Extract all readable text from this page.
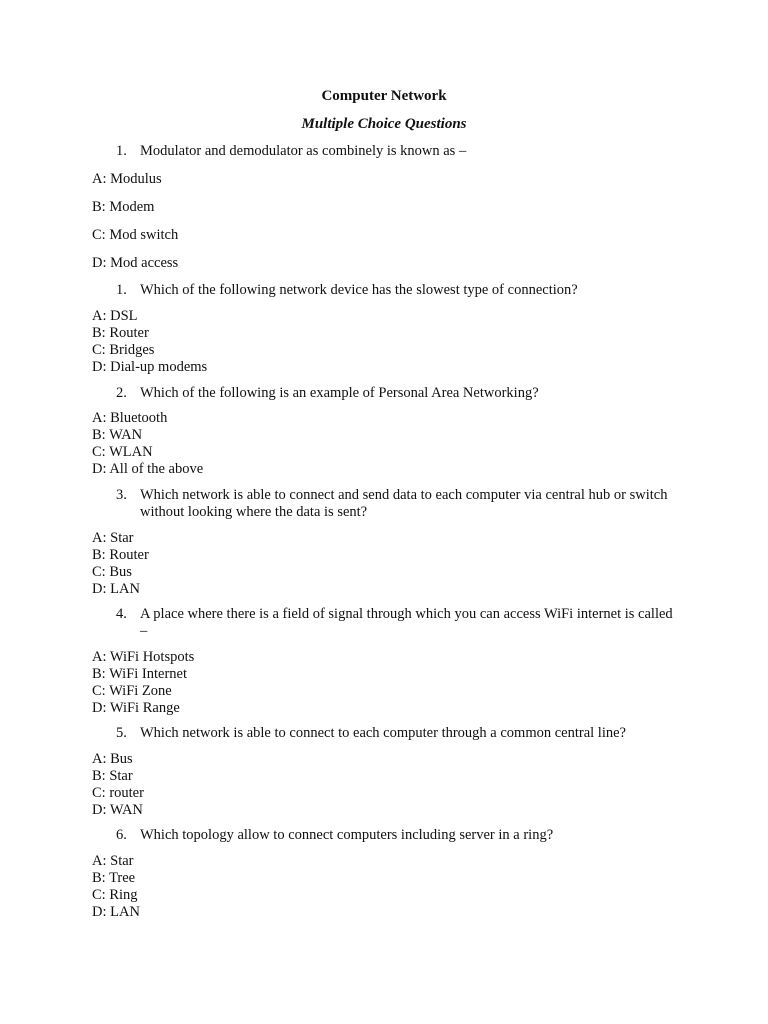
Computer Network
Multiple Choice Questions
1. Modulator and demodulator as combinely is known as –
A: Modulus
B: Modem
C: Mod switch
D: Mod access
1. Which of the following network device has the slowest type of connection?
A: DSL
B: Router
C: Bridges
D: Dial-up modems
2. Which of the following is an example of Personal Area Networking?
A: Bluetooth
B: WAN
C: WLAN
D: All of the above
3. Which network is able to connect and send data to each computer via central hub or switch without looking where the data is sent?
A: Star
B: Router
C: Bus
D: LAN
4. A place where there is a field of signal through which you can access WiFi internet is called –
A: WiFi Hotspots
B: WiFi Internet
C: WiFi Zone
D: WiFi Range
5. Which network is able to connect to each computer through a common central line?
A: Bus
B: Star
C: router
D: WAN
6. Which topology allow to connect computers including server in a ring?
A: Star
B: Tree
C: Ring
D: LAN
